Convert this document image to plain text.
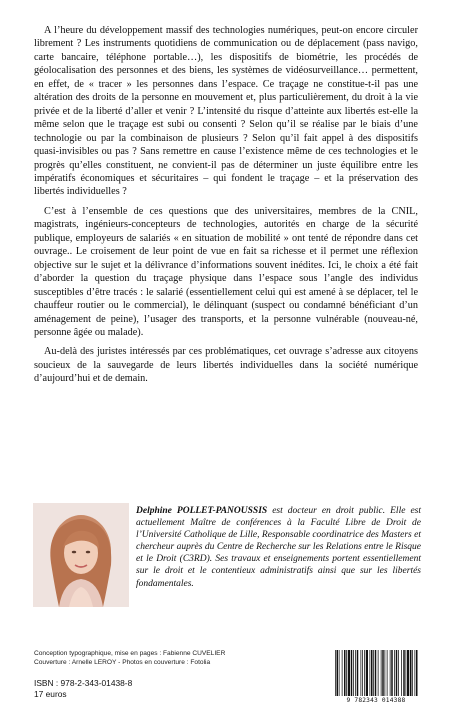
A l’heure du développement massif des technologies numériques, peut-on encore circuler librement ? Les instruments quotidiens de communication ou de déplacement (pass navigo, carte bancaire, téléphone portable…), les dispositifs de biométrie, les procédés de géolocalisation des personnes et des biens, les systèmes de vidéosurveillance… permettent, en effet, de « tracer » les personnes dans l’espace. Ce traçage ne constitue-t-il pas une altération des droits de la personne en mouvement et, plus particulièrement, du droit à la vie privée et de la liberté d’aller et venir ? L’intensité du risque d’atteinte aux libertés est-elle la même selon que le traçage est subi ou consenti ? Selon qu’il se réalise par le biais d’une technologie ou par la combinaison de plusieurs ? Selon qu’il fait appel à des dispositifs quasi-invisibles ou pas ? Sans remettre en cause l’existence même de ces technologies et le progrès qu’elles constituent, ne convient-il pas de déterminer un juste équilibre entre les impératifs économiques et sécuritaires – qui fondent le traçage – et la préservation des libertés individuelles ?

C’est à l’ensemble de ces questions que des universitaires, membres de la CNIL, magistrats, ingénieurs-concepteurs de technologies, autorités en charge de la sécurité publique, employeurs de salariés « en situation de mobilité » ont tenté de répondre dans cet ouvrage.. Le croisement de leur point de vue en fait sa richesse et il permet une réflexion objective sur le sujet et la délivrance d’informations souvent inédites. Ici, le choix a été fait d’aborder la question du traçage physique dans l’espace sous l’angle des individus susceptibles d’être tracés : le salarié (essentiellement celui qui est amené à se déplacer, tel le chauffeur routier ou le commercial), le délinquant (suspect ou condamné bénéficiant d’un aménagement de peine), l’usager des transports, et la personne vulnérable (nouveau-né, personne âgée ou malade).

Au-delà des juristes intéressés par ces problématiques, cet ouvrage s’adresse aux citoyens soucieux de la sauvegarde de leurs libertés individuelles dans la société numérique d’aujourd’hui et de demain.

Delphine POLLET-PANOUSSIS est docteur en droit public. Elle est actuellement Maître de conférences à la Faculté Libre de Droit de l’Université Catholique de Lille, Responsable coordinatrice des Masters et chercheur auprès du Centre de Recherche sur les Relations entre le Risque et le Droit (C3RD). Ses travaux et enseignements portent essentiellement sur le droit et le contentieux administratifs ainsi que sur les libertés fondamentales.
Conception typographique, mise en pages : Fabienne CUVELIER
Couverture : Arnelle LEROY - Photos en couverture : Fotolia
ISBN : 978-2-343-01438-8
17 euros
9 782343 014388
